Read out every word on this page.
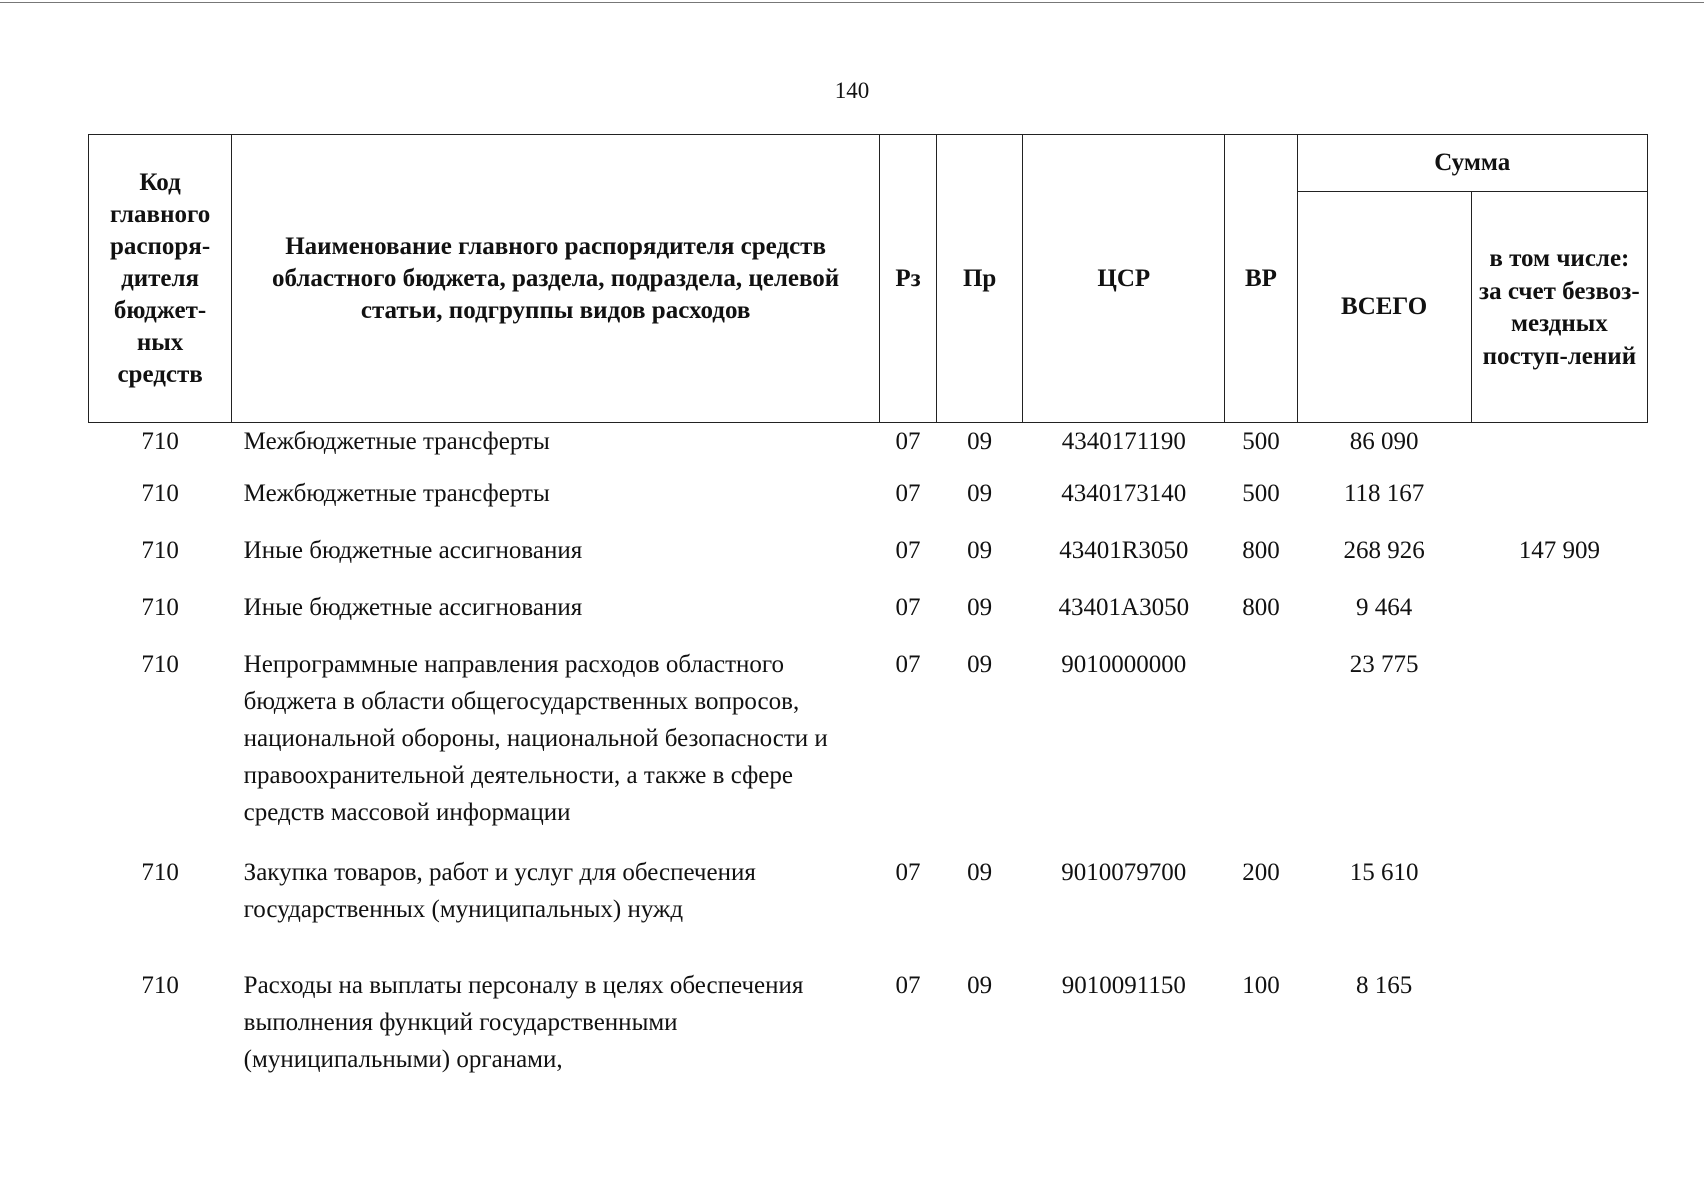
140
Код главного распоря-дителя бюджет-ных средств	Наименование главного распорядителя средств областного бюджета, раздела, подраздела, целевой статьи, подгруппы видов расходов	Рз	Пр	ЦСР	ВР	Сумма	
						ВСЕГО	в том числе: за счет безвоз-мездных поступ-лений
710	Межбюджетные трансферты	07	09	4340171190	500	86 090	
710	Межбюджетные трансферты	07	09	4340173140	500	118 167	
710	Иные бюджетные ассигнования	07	09	43401R3050	800	268 926	147 909
710	Иные бюджетные ассигнования	07	09	43401A3050	800	9 464	
710	Непрограммные направления расходов областного бюджета в области общегосударственных вопросов, национальной обороны, национальной безопасности и правоохранительной деятельности, а также в сфере средств массовой информации	07	09	9010000000		23 775	
710	Закупка товаров, работ и услуг для обеспечения государственных (муниципальных) нужд	07	09	9010079700	200	15 610	
710	Расходы на выплаты персоналу в целях обеспечения выполнения функций государственными (муниципальными) органами,	07	09	9010091150	100	8 165	
